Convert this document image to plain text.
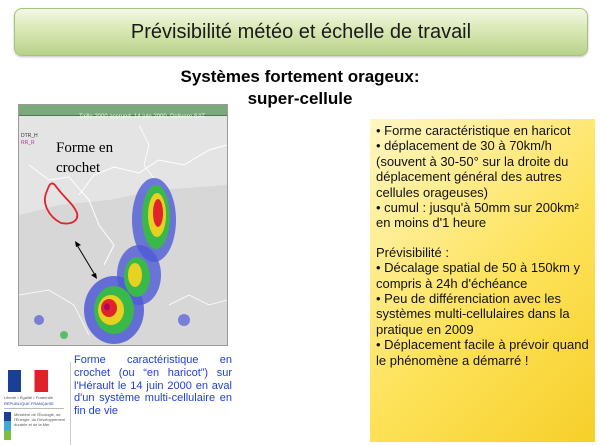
Prévisibilité météo et échelle de travail
Systèmes fortement orageux:
super-cellule
Taille 2000 accrued, 14 juin 2000, Delivere SAT
DTR_H
RR_R Forme en
crochet

• Forme caractéristique en haricot

• déplacement de 30 à 70km/h (souvent à 30-50° sur la droite du déplacement général des autres cellules orageuses)

• cumul : jusqu'à 50mm sur 200km² en moins d'1 heure

Prévisibilité :

• Décalage spatial de 50 à 150km y compris à 24h d'échéance

• Peu de différenciation avec les systèmes multi-cellulaires dans la pratique en 2009

• Déplacement facile à prévoir quand le phénomène a démarré !

Forme caractéristique en crochet (ou “en haricot”) sur l'Hérault le 14 juin 2000 en aval d'un système multi-cellulaire en fin de vie
Liberté • Égalité • Fraternité
RÉPUBLIQUE FRANÇAISE
Ministère de l'Écologie, de l'Énergie, du Développement durable et de la Mer
